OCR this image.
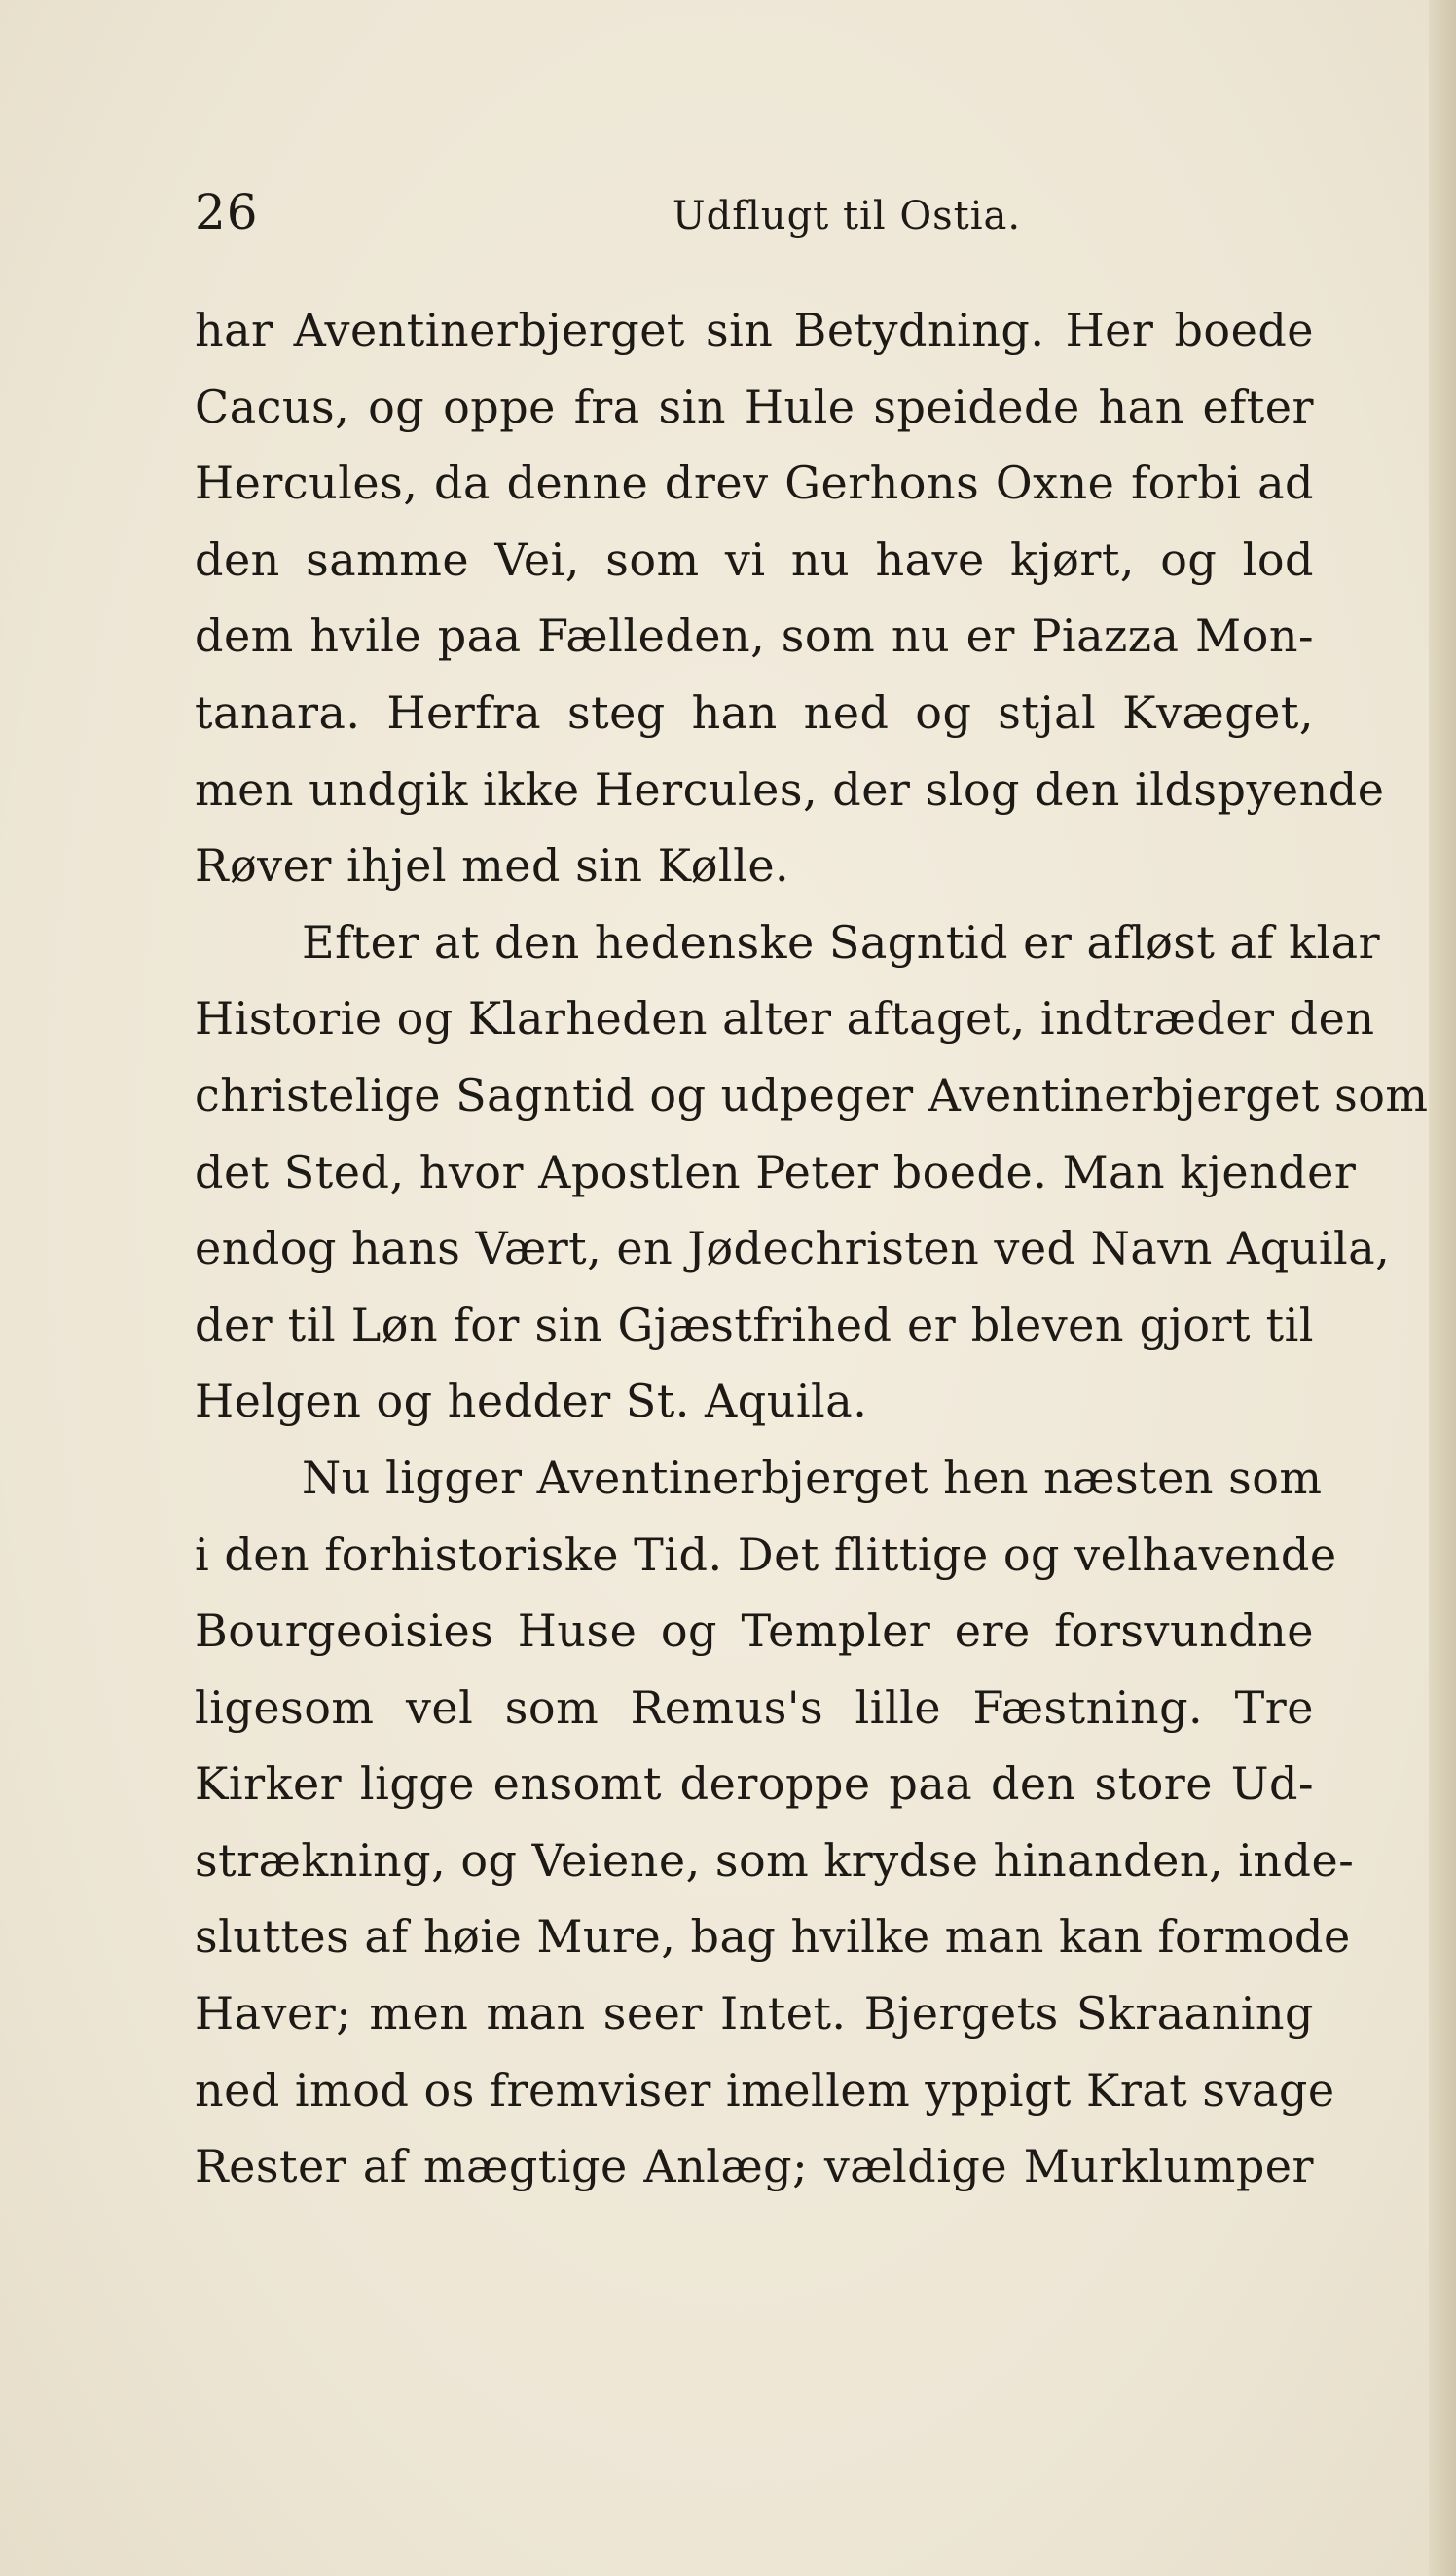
26	Udflugt til Ostia.
har Aventinerbjerget sin Betydning. Her boede
Cacus, og oppe fra sin Hule speidede han efter
Hercules, da denne drev Gerhons Oxne forbi ad
den samme Vei, som vi nu have kjørt, og lod
dem hvile paa Fælleden, som nu er Piazza Mon-
tanara. Herfra steg han ned og stjal Kvæget,
men undgik ikke Hercules, der slog den ildspyende
Røver ihjel med sin Kølle.
Efter at den hedenske Sagntid er afløst af klar
Historie og Klarheden alter aftaget, indtræder den
christelige Sagntid og udpeger Aventinerbjerget som
det Sted, hvor Apostlen Peter boede. Man kjender
endog hans Vært, en Jødechristen ved Navn Aquila,
der til Løn for sin Gjæstfrihed er bleven gjort til
Helgen og hedder St. Aquila.
Nu ligger Aventinerbjerget hen næsten som
i den forhistoriske Tid. Det flittige og velhavende
Bourgeoisies Huse og Templer ere forsvundne
ligesom vel som Remus's lille Fæstning. Tre
Kirker ligge ensomt deroppe paa den store Ud-
strækning, og Veiene, som krydse hinanden, inde-
sluttes af høie Mure, bag hvilke man kan formode
Haver; men man seer Intet. Bjergets Skraaning
ned imod os fremviser imellem yppigt Krat svage
Rester af mægtige Anlæg; vældige Murklumper
